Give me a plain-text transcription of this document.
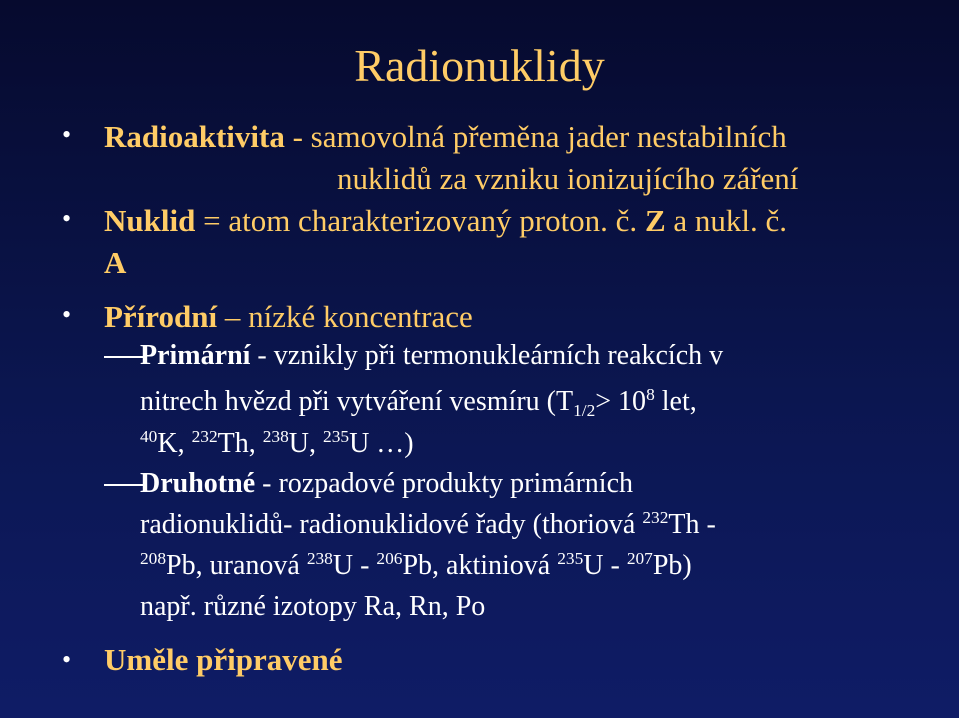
Radionuklidy
• Radioaktivita - samovolná přeměna jader nestabilních
nuklidů za vzniku ionizujícího záření
• Nuklid = atom charakterizovaný proton. č. Z a nukl. č.
A
• Přírodní – nízké koncentrace
Primární - vznikly při termonukleárních reakcích v
nitrech hvězd při vytváření vesmíru ($T_{1/2}> 10^8$ let,
$^{40}$K, $^{232}$Th, $^{238}$U, $^{235}$U …)
Druhotné - rozpadové produkty primárních
radionuklidů- radionuklidové řady (thoriová $^{232}$Th -
$^{208}$Pb, uranová $^{238}$U - $^{206}$Pb, aktiniová $^{235}$U - $^{207}$Pb)
např. různé izotopy Ra, Rn, Po
• Uměle připravené
